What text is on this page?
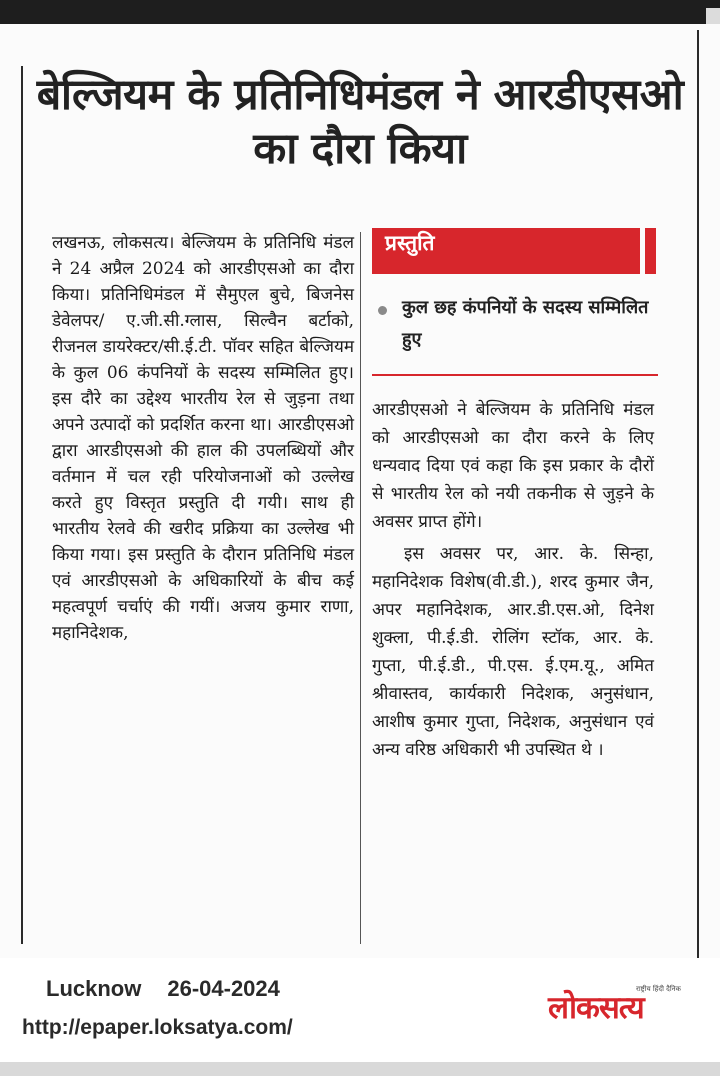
बेल्जियम के प्रतिनिधिमंडल ने आरडीएसओ का दौरा किया

लखनऊ, लोकसत्य। बेल्जियम के प्रतिनिधि मंडल ने 24 अप्रैल 2024 को आरडीएसओ का दौरा किया। प्रतिनिधिमंडल में सैमुएल बुचे, बिजनेस डेवेलपर/ ए.जी.सी.ग्लास, सिल्वैन बर्टाको, रीजनल डायरेक्टर/सी.ई.टी. पॉवर सहित बेल्जियम के कुल 06 कंपनियों के सदस्य सम्मिलित हुए। इस दौरे का उद्देश्य भारतीय रेल से जुड़ना तथा अपने उत्पादों को प्रदर्शित करना था। आरडीएसओ द्वारा आरडीएसओ की हाल की उपलब्धियों और वर्तमान में चल रही परियोजनाओं को उल्लेख करते हुए विस्तृत प्रस्तुति दी गयी। साथ ही भारतीय रेलवे की खरीद प्रक्रिया का उल्लेख भी किया गया। इस प्रस्तुति के दौरान प्रतिनिधि मंडल एवं आरडीएसओ के अधिकारियों के बीच कई महत्वपूर्ण चर्चाएं की गयीं। अजय कुमार राणा, महानिदेशक,

प्रस्तुति
कुल छह कंपनियों के सदस्य सम्मिलित हुए

आरडीएसओ ने बेल्जियम के प्रतिनिधि मंडल को आरडीएसओ का दौरा करने के लिए धन्यवाद दिया एवं कहा कि इस प्रकार के दौरों से भारतीय रेल को नयी तकनीक से जुड़ने के अवसर प्राप्त होंगे।

इस अवसर पर, आर. के. सिन्हा, महानिदेशक विशेष(वी.डी.), शरद कुमार जैन, अपर महानिदेशक, आर.डी.एस.ओ, दिनेश शुक्ला, पी.ई.डी. रोलिंग स्टॉक, आर. के. गुप्ता, पी.ई.डी., पी.एस. ई.एम.यू., अमित श्रीवास्तव, कार्यकारी निदेशक, अनुसंधान, आशीष कुमार गुप्ता, निदेशक, अनुसंधान एवं अन्य वरिष्ठ अधिकारी भी उपस्थित थे ।

Lucknow 26-04-2024
http://epaper.loksatya.com/
राष्ट्रीय हिंदी दैनिक
लोकसत्य
